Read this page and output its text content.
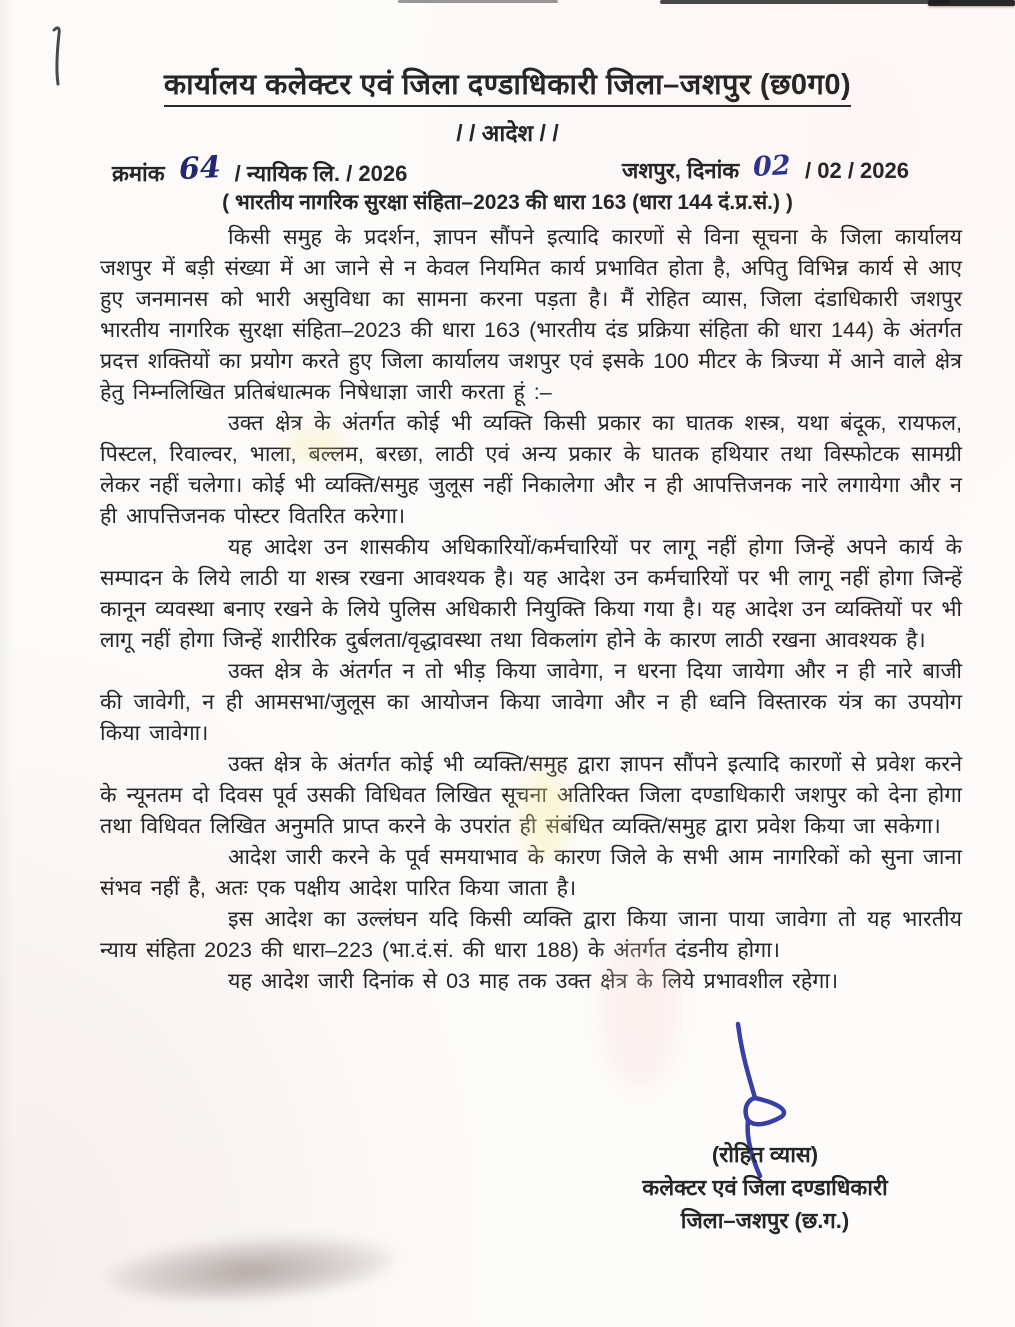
कार्यालय कलेक्टर एवं जिला दण्डाधिकारी जिला–जशपुर (छ0ग0)
/ / आदेश / /
क्रमांक 64 / न्यायिक लि. / 2026	जशपुर, दिनांक 02 / 02 / 2026
( भारतीय नागरिक सुरक्षा संहिता–2023 की धारा 163 (धारा 144 दं.प्र.सं.) )

किसी समुह के प्रदर्शन, ज्ञापन सौंपने इत्यादि कारणों से विना सूचना के जिला कार्यालय जशपुर में बड़ी संख्या में आ जाने से न केवल नियमित कार्य प्रभावित होता है, अपितु विभिन्न कार्य से आए हुए जनमानस को भारी असुविधा का सामना करना पड़ता है। मैं रोहित व्यास, जिला दंडाधिकारी जशपुर भारतीय नागरिक सुरक्षा संहिता–2023 की धारा 163 (भारतीय दंड प्रक्रिया संहिता की धारा 144) के अंतर्गत प्रदत्त शक्तियों का प्रयोग करते हुए जिला कार्यालय जशपुर एवं इसके 100 मीटर के त्रिज्या में आने वाले क्षेत्र हेतु निम्नलिखित प्रतिबंधात्मक निषेधाज्ञा जारी करता हूं :–

उक्त क्षेत्र के अंतर्गत कोई भी व्यक्ति किसी प्रकार का घातक शस्त्र, यथा बंदूक, रायफल, पिस्टल, रिवाल्वर, भाला, बल्लम, बरछा, लाठी एवं अन्य प्रकार के घातक हथियार तथा विस्फोटक सामग्री लेकर नहीं चलेगा। कोई भी व्यक्ति/समुह जुलूस नहीं निकालेगा और न ही आपत्तिजनक नारे लगायेगा और न ही आपत्तिजनक पोस्टर वितरित करेगा।

यह आदेश उन शासकीय अधिकारियों/कर्मचारियों पर लागू नहीं होगा जिन्हें अपने कार्य के सम्पादन के लिये लाठी या शस्त्र रखना आवश्यक है। यह आदेश उन कर्मचारियों पर भी लागू नहीं होगा जिन्हें कानून व्यवस्था बनाए रखने के लिये पुलिस अधिकारी नियुक्ति किया गया है। यह आदेश उन व्यक्तियों पर भी लागू नहीं होगा जिन्हें शारीरिक दुर्बलता/वृद्धावस्था तथा विकलांग होने के कारण लाठी रखना आवश्यक है।

उक्त क्षेत्र के अंतर्गत न तो भीड़ किया जावेगा, न धरना दिया जायेगा और न ही नारे बाजी की जावेगी, न ही आमसभा/जुलूस का आयोजन किया जावेगा और न ही ध्वनि विस्तारक यंत्र का उपयोग किया जावेगा।

उक्त क्षेत्र के अंतर्गत कोई भी व्यक्ति/समुह द्वारा ज्ञापन सौंपने इत्यादि कारणों से प्रवेश करने के न्यूनतम दो दिवस पूर्व उसकी विधिवत लिखित सूचना अतिरिक्त जिला दण्डाधिकारी जशपुर को देना होगा तथा विधिवत लिखित अनुमति प्राप्त करने के उपरांत ही संबंधित व्यक्ति/समुह द्वारा प्रवेश किया जा सकेगा।

आदेश जारी करने के पूर्व समयाभाव के कारण जिले के सभी आम नागरिकों को सुना जाना संभव नहीं है, अतः एक पक्षीय आदेश पारित किया जाता है।

इस आदेश का उल्लंघन यदि किसी व्यक्ति द्वारा किया जाना पाया जावेगा तो यह भारतीय न्याय संहिता 2023 की धारा–223 (भा.दं.सं. की धारा 188) के अंतर्गत दंडनीय होगा।

यह आदेश जारी दिनांक से 03 माह तक उक्त क्षेत्र के लिये प्रभावशील रहेगा।

(रोहित व्यास)
कलेक्टर एवं जिला दण्डाधिकारी
जिला–जशपुर (छ.ग.)
